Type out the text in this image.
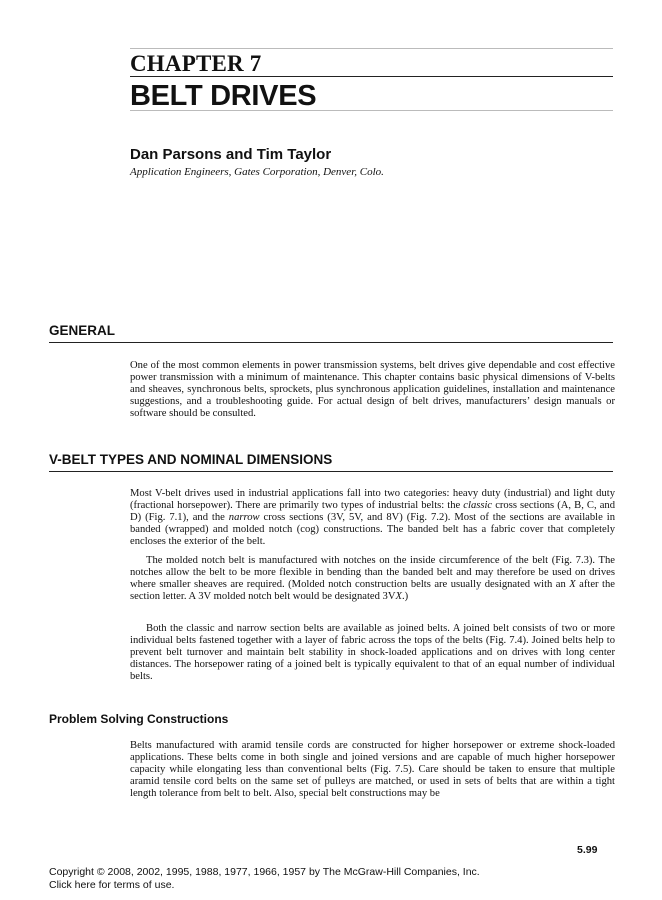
CHAPTER 7
BELT DRIVES
Dan Parsons and Tim Taylor
Application Engineers, Gates Corporation, Denver, Colo.
GENERAL

One of the most common elements in power transmission systems, belt drives give dependable and cost effective power transmission with a minimum of maintenance. This chapter contains basic physical dimensions of V-belts and sheaves, synchronous belts, sprockets, plus synchronous application guidelines, installation and maintenance suggestions, and a troubleshooting guide. For actual design of belt drives, manufacturers’ design manuals or software should be consulted.

V-BELT TYPES AND NOMINAL DIMENSIONS

Most V-belt drives used in industrial applications fall into two categories: heavy duty (industrial) and light duty (fractional horsepower). There are primarily two types of industrial belts: the classic cross sections (A, B, C, and D) (Fig. 7.1), and the narrow cross sections (3V, 5V, and 8V) (Fig. 7.2). Most of the sections are available in banded (wrapped) and molded notch (cog) constructions. The banded belt has a fabric cover that completely encloses the exterior of the belt.

The molded notch belt is manufactured with notches on the inside circumference of the belt (Fig. 7.3). The notches allow the belt to be more flexible in bending than the banded belt and may therefore be used on drives where smaller sheaves are required. (Molded notch construction belts are usually designated with an X after the section letter. A 3V molded notch belt would be designated 3VX.)

Both the classic and narrow section belts are available as joined belts. A joined belt consists of two or more individual belts fastened together with a layer of fabric across the tops of the belts (Fig. 7.4). Joined belts help to prevent belt turnover and maintain belt stability in shock-loaded applications and on drives with long center distances. The horsepower rating of a joined belt is typically equivalent to that of an equal number of individual belts.

Problem Solving Constructions

Belts manufactured with aramid tensile cords are constructed for higher horsepower or extreme shock-loaded applications. These belts come in both single and joined versions and are capable of much higher horsepower capacity while elongating less than conventional belts (Fig. 7.5). Care should be taken to ensure that multiple aramid tensile cord belts on the same set of pulleys are matched, or used in sets of belts that are within a tight length tolerance from belt to belt. Also, special belt constructions may be

5.99
Copyright © 2008, 2002, 1995, 1988, 1977, 1966, 1957 by The McGraw-Hill Companies, Inc.
Click here for terms of use.
